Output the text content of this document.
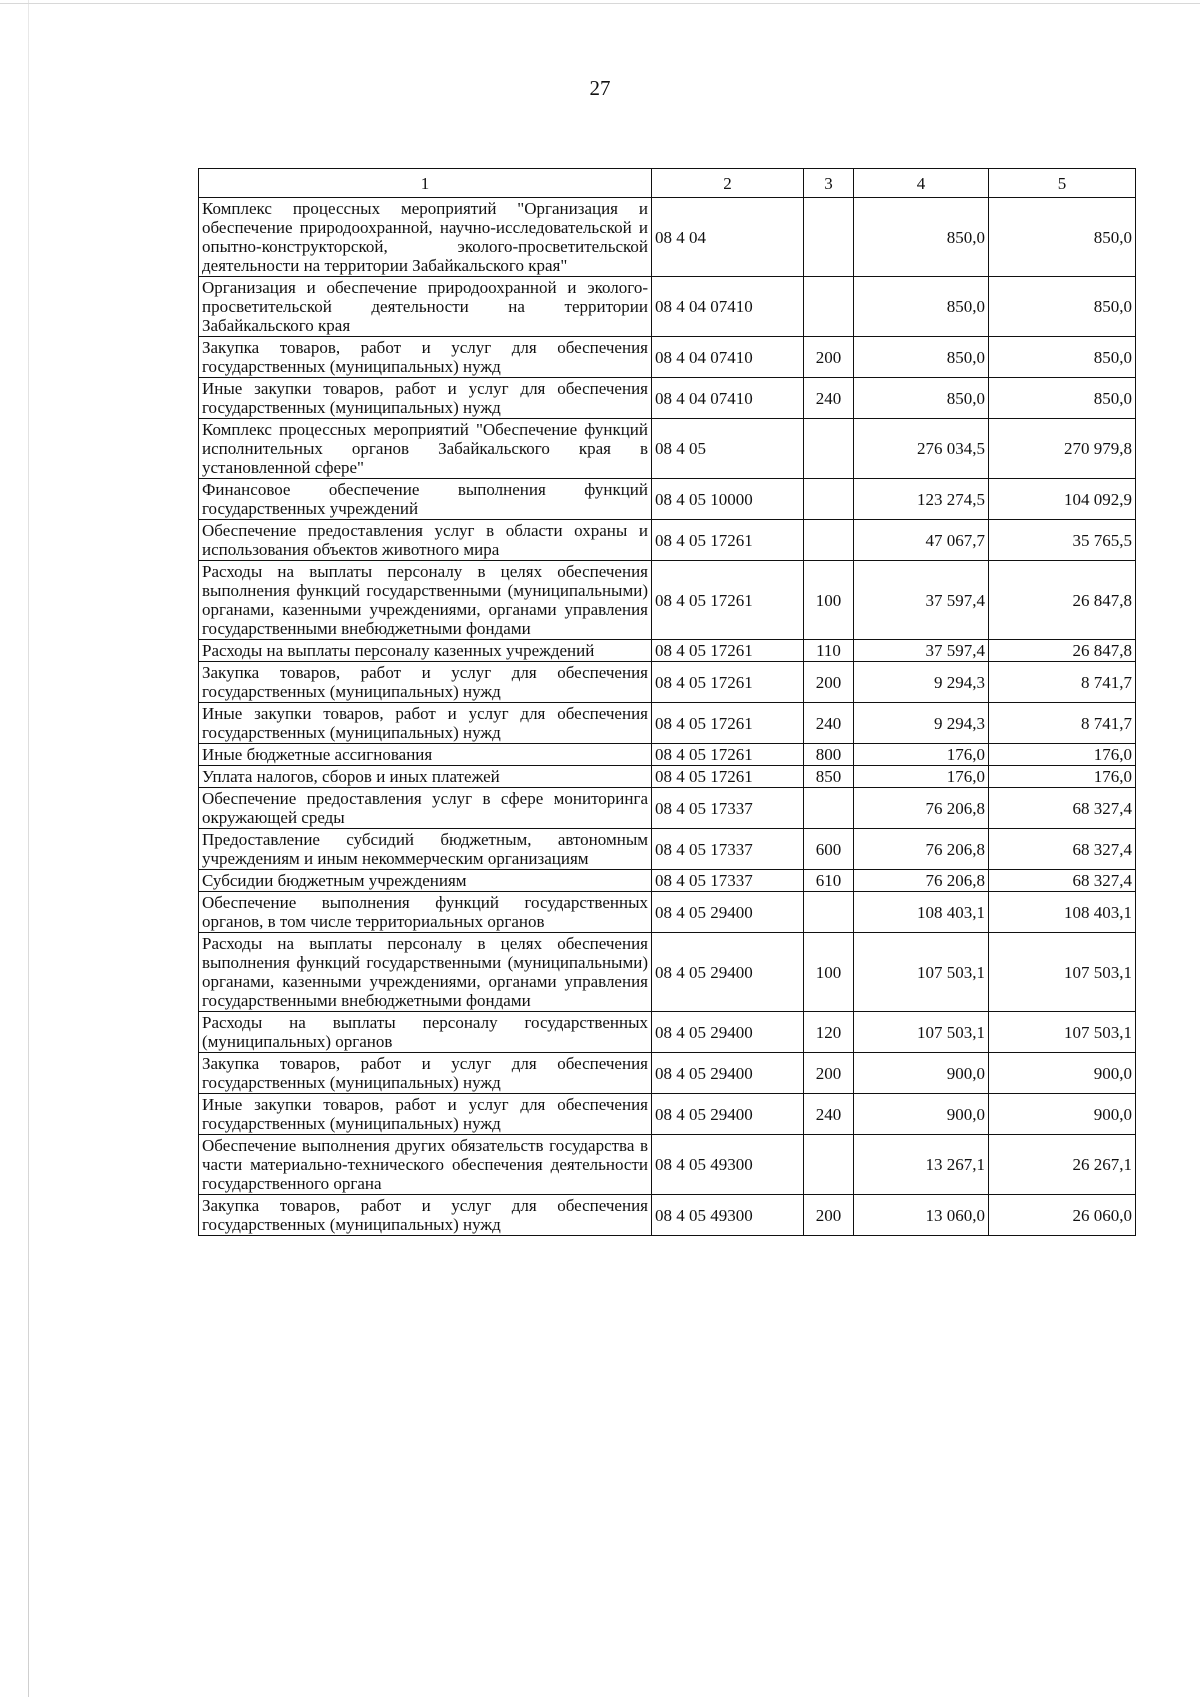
27
1	2	3	4	5
Комплекс процессных мероприятий "Организация и обеспечение природоохранной, научно-исследовательской и опытно-конструкторской, эколого-просветительской деятельности на территории Забайкальского края"	08 4 04		850,0	850,0
Организация и обеспечение природоохранной и эколого-просветительской деятельности на территории Забайкальского края	08 4 04 07410		850,0	850,0
Закупка товаров, работ и услуг для обеспечения государственных (муниципальных) нужд	08 4 04 07410	200	850,0	850,0
Иные закупки товаров, работ и услуг для обеспечения государственных (муниципальных) нужд	08 4 04 07410	240	850,0	850,0
Комплекс процессных мероприятий "Обеспечение функций исполнительных органов Забайкальского края в установленной сфере"	08 4 05		276 034,5	270 979,8
Финансовое обеспечение выполнения функций государственных учреждений	08 4 05 10000		123 274,5	104 092,9
Обеспечение предоставления услуг в области охраны и использования объектов животного мира	08 4 05 17261		47 067,7	35 765,5
Расходы на выплаты персоналу в целях обеспечения выполнения функций государственными (муниципальными) органами, казенными учреждениями, органами управления государственными внебюджетными фондами	08 4 05 17261	100	37 597,4	26 847,8
Расходы на выплаты персоналу казенных учреждений	08 4 05 17261	110	37 597,4	26 847,8
Закупка товаров, работ и услуг для обеспечения государственных (муниципальных) нужд	08 4 05 17261	200	9 294,3	8 741,7
Иные закупки товаров, работ и услуг для обеспечения государственных (муниципальных) нужд	08 4 05 17261	240	9 294,3	8 741,7
Иные бюджетные ассигнования	08 4 05 17261	800	176,0	176,0
Уплата налогов, сборов и иных платежей	08 4 05 17261	850	176,0	176,0
Обеспечение предоставления услуг в сфере мониторинга окружающей среды	08 4 05 17337		76 206,8	68 327,4
Предоставление субсидий бюджетным, автономным учреждениям и иным некоммерческим организациям	08 4 05 17337	600	76 206,8	68 327,4
Субсидии бюджетным учреждениям	08 4 05 17337	610	76 206,8	68 327,4
Обеспечение выполнения функций государственных органов, в том числе территориальных органов	08 4 05 29400		108 403,1	108 403,1
Расходы на выплаты персоналу в целях обеспечения выполнения функций государственными (муниципальными) органами, казенными учреждениями, органами управления государственными внебюджетными фондами	08 4 05 29400	100	107 503,1	107 503,1
Расходы на выплаты персоналу государственных (муниципальных) органов	08 4 05 29400	120	107 503,1	107 503,1
Закупка товаров, работ и услуг для обеспечения государственных (муниципальных) нужд	08 4 05 29400	200	900,0	900,0
Иные закупки товаров, работ и услуг для обеспечения государственных (муниципальных) нужд	08 4 05 29400	240	900,0	900,0
Обеспечение выполнения других обязательств государства в части материально-технического обеспечения деятельности государственного органа	08 4 05 49300		13 267,1	26 267,1
Закупка товаров, работ и услуг для обеспечения государственных (муниципальных) нужд	08 4 05 49300	200	13 060,0	26 060,0
